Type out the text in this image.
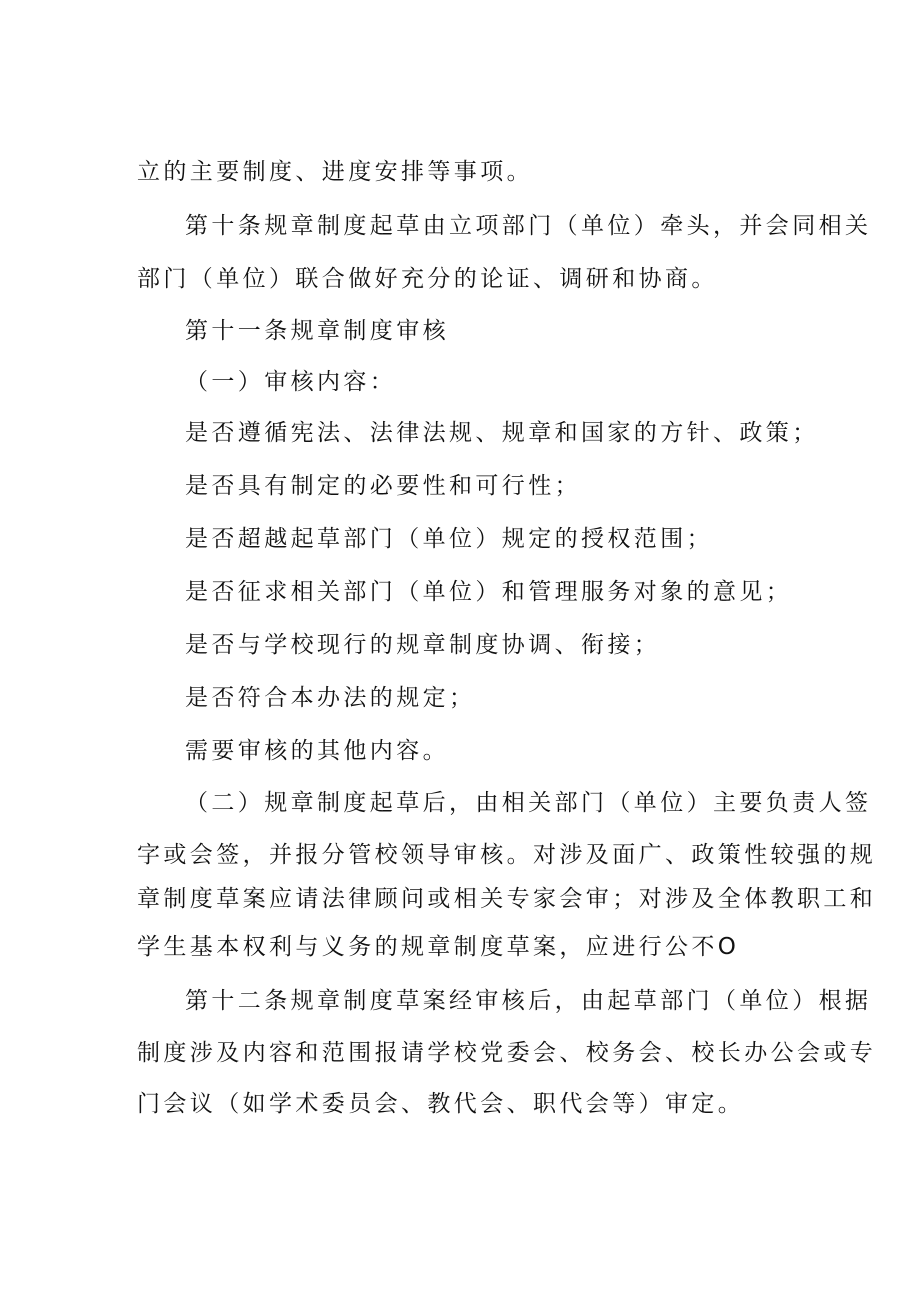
立的主要制度、进度安排等事项。
第十条规章制度起草由立项部门（单位）牵头，并会同相关
部门（单位）联合做好充分的论证、调研和协商。
第十一条规章制度审核
（一）审核内容：
是否遵循宪法、法律法规、规章和国家的方针、政策；
是否具有制定的必要性和可行性；
是否超越起草部门（单位）规定的授权范围；
是否征求相关部门（单位）和管理服务对象的意见；
是否与学校现行的规章制度协调、衔接；
是否符合本办法的规定；
需要审核的其他内容。
（二）规章制度起草后，由相关部门（单位）主要负责人签
字或会签，并报分管校领导审核。对涉及面广、政策性较强的规
章制度草案应请法律顾问或相关专家会审；对涉及全体教职工和
学生基本权利与义务的规章制度草案，应进行公不O
第十二条规章制度草案经审核后，由起草部门（单位）根据
制度涉及内容和范围报请学校党委会、校务会、校长办公会或专
门会议（如学术委员会、教代会、职代会等）审定。
